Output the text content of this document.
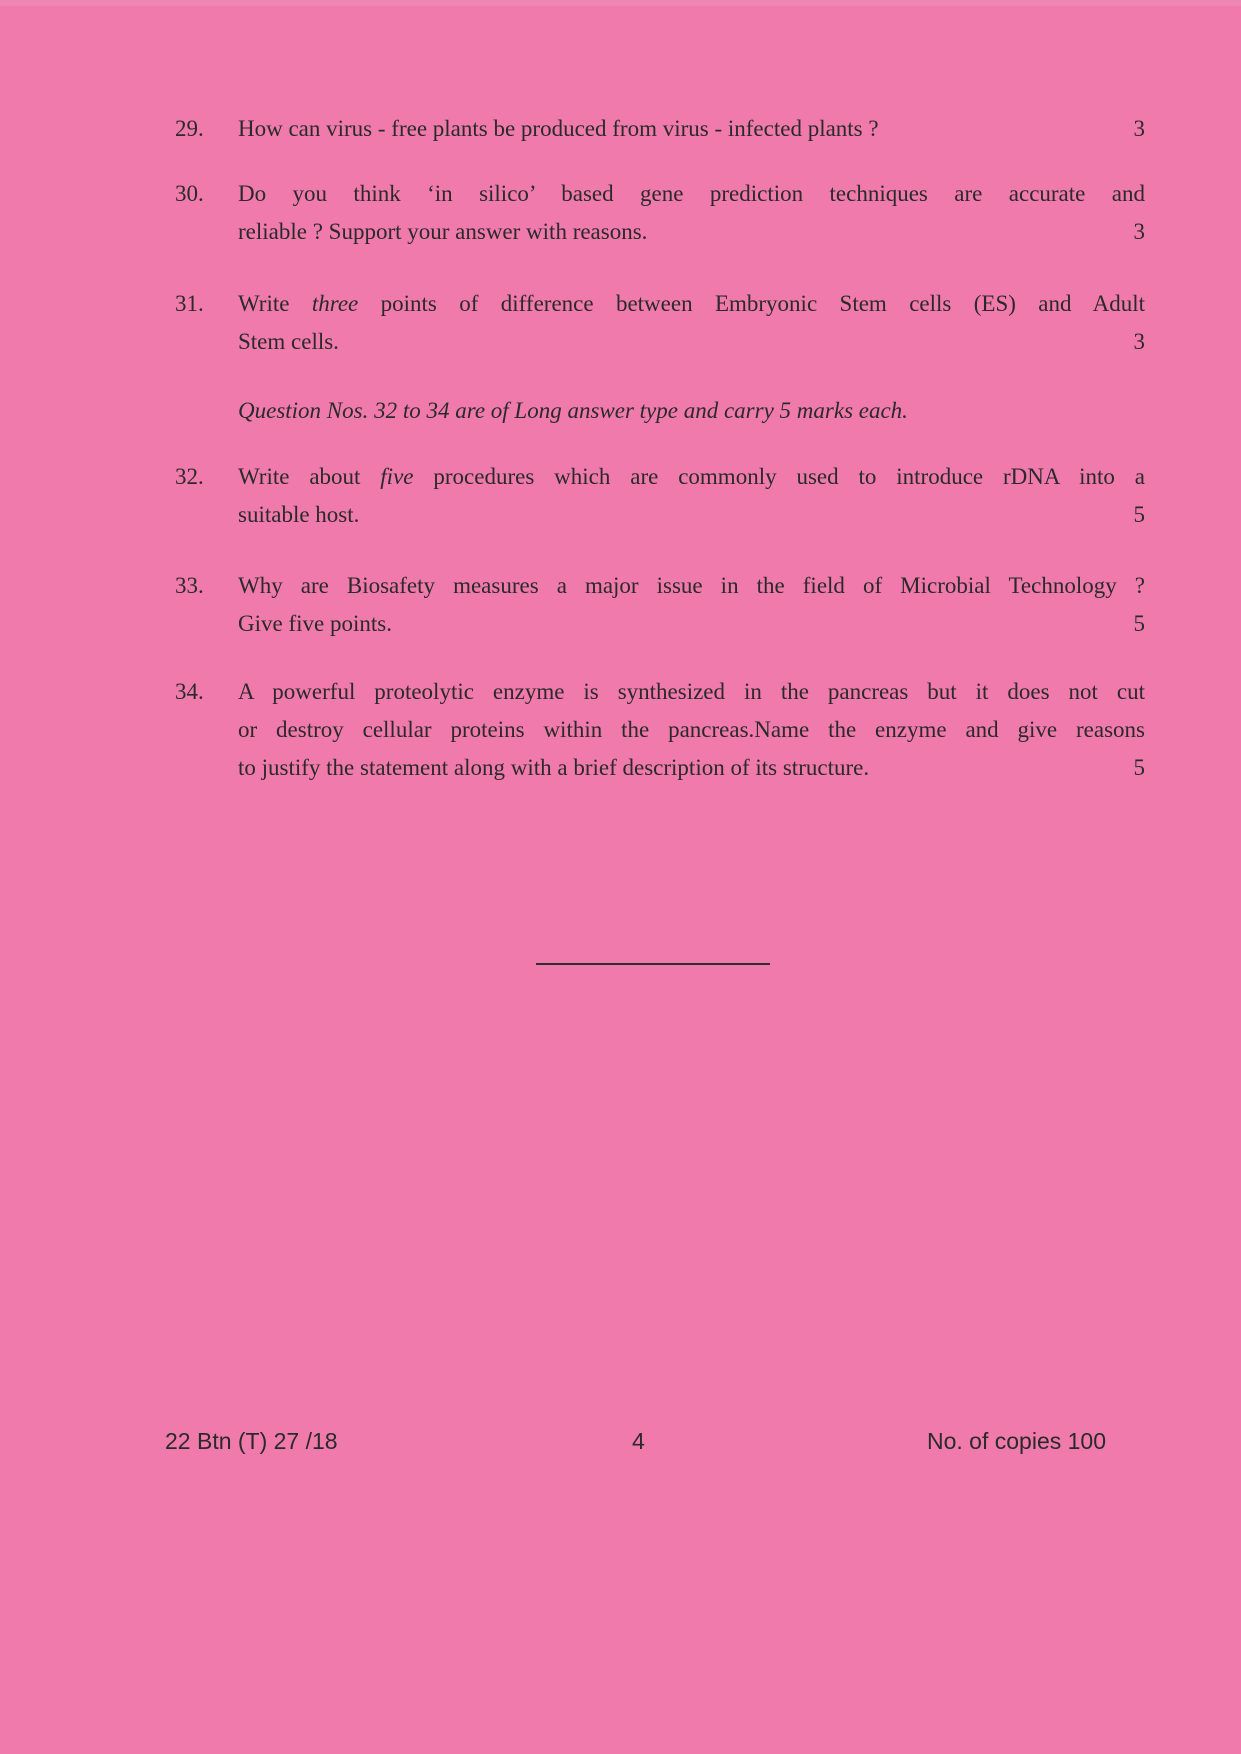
29.	How can virus - free plants be produced from virus - infected plants ?	3
30.	Do you think ‘in silico’ based gene prediction techniques are accurate and
reliable ? Support your answer with reasons.	3
31.	Write three points of difference between Embryonic Stem cells (ES) and Adult
Stem cells.	3
Question Nos. 32 to 34 are of Long answer type and carry 5 marks each.
32.	Write about five procedures which are commonly used to introduce rDNA into a
suitable host.	5
33.	Why are Biosafety measures a major issue in the field of Microbial Technology ?
Give five points.	5
34.	A powerful proteolytic enzyme is synthesized in the pancreas but it does not cut
or destroy cellular proteins within the pancreas.Name the enzyme and give reasons
to justify the statement along with a brief description of its structure.	5
22 Btn (T) 27 /18	4	No. of copies 100
